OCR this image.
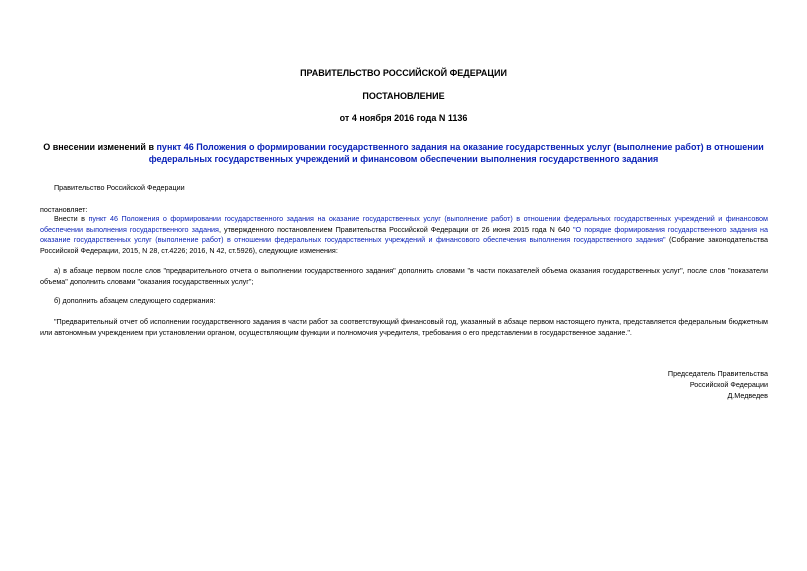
ПРАВИТЕЛЬСТВО РОССИЙСКОЙ ФЕДЕРАЦИИ
ПОСТАНОВЛЕНИЕ
от 4 ноября 2016 года N 1136
О внесении изменений в пункт 46 Положения о формировании государственного задания на оказание государственных услуг (выполнение работ) в отношении федеральных государственных учреждений и финансовом обеспечении выполнения государственного задания
Правительство Российской Федерации
постановляет:
Внести в пункт 46 Положения о формировании государственного задания на оказание государственных услуг (выполнение работ) в отношении федеральных государственных учреждений и финансовом обеспечении выполнения государственного задания, утвержденного постановлением Правительства Российской Федерации от 26 июня 2015 года N 640 "О порядке формирования государственного задания на оказание государственных услуг (выполнение работ) в отношении федеральных государственных учреждений и финансового обеспечения выполнения государственного задания" (Собрание законодательства Российской Федерации, 2015, N 28, ст.4226; 2016, N 42, ст.5926), следующие изменения:
а) в абзаце первом после слов "предварительного отчета о выполнении государственного задания" дополнить словами "в части показателей объема оказания государственных услуг", после слов "показатели объема" дополнить словами "оказания государственных услуг";
б) дополнить абзацем следующего содержания:
"Предварительный отчет об исполнении государственного задания в части работ за соответствующий финансовый год, указанный в абзаце первом настоящего пункта, представляется федеральным бюджетным или автономным учреждением при установлении органом, осуществляющим функции и полномочия учредителя, требования о его представлении в государственное задание.".
Председатель Правительства
Российской Федерации
Д.Медведев
